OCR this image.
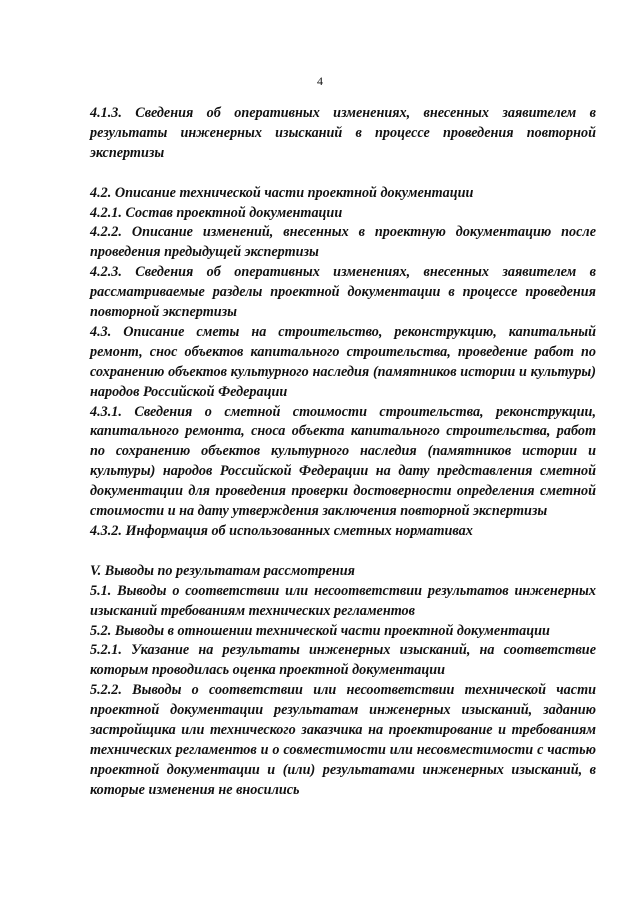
4

4.1.3. Сведения об оперативных изменениях, внесенных заявителем в результаты инженерных изысканий в процессе проведения повторной экспертизы

4.2. Описание технической части проектной документации

4.2.1. Состав проектной документации

4.2.2. Описание изменений, внесенных в проектную документацию после проведения предыдущей экспертизы

4.2.3. Сведения об оперативных изменениях, внесенных заявителем в рассматриваемые разделы проектной документации в процессе проведения повторной экспертизы

4.3. Описание сметы на строительство, реконструкцию, капитальный ремонт, снос объектов капитального строительства, проведение работ по сохранению объектов культурного наследия (памятников истории и культуры) народов Российской Федерации

4.3.1. Сведения о сметной стоимости строительства, реконструкции, капитального ремонта, сноса объекта капитального строительства, работ по сохранению объектов культурного наследия (памятников истории и культуры) народов Российской Федерации на дату представления сметной документации для проведения проверки достоверности определения сметной стоимости и на дату утверждения заключения повторной экспертизы

4.3.2. Информация об использованных сметных нормативах

V. Выводы по результатам рассмотрения

5.1. Выводы о соответствии или несоответствии результатов инженерных изысканий требованиям технических регламентов

5.2. Выводы в отношении технической части проектной документации

5.2.1. Указание на результаты инженерных изысканий, на соответствие которым проводилась оценка проектной документации

5.2.2. Выводы о соответствии или несоответствии технической части проектной документации результатам инженерных изысканий, заданию застройщика или технического заказчика на проектирование и требованиям технических регламентов и о совместимости или несовместимости с частью проектной документации и (или) результатами инженерных изысканий, в которые изменения не вносились
